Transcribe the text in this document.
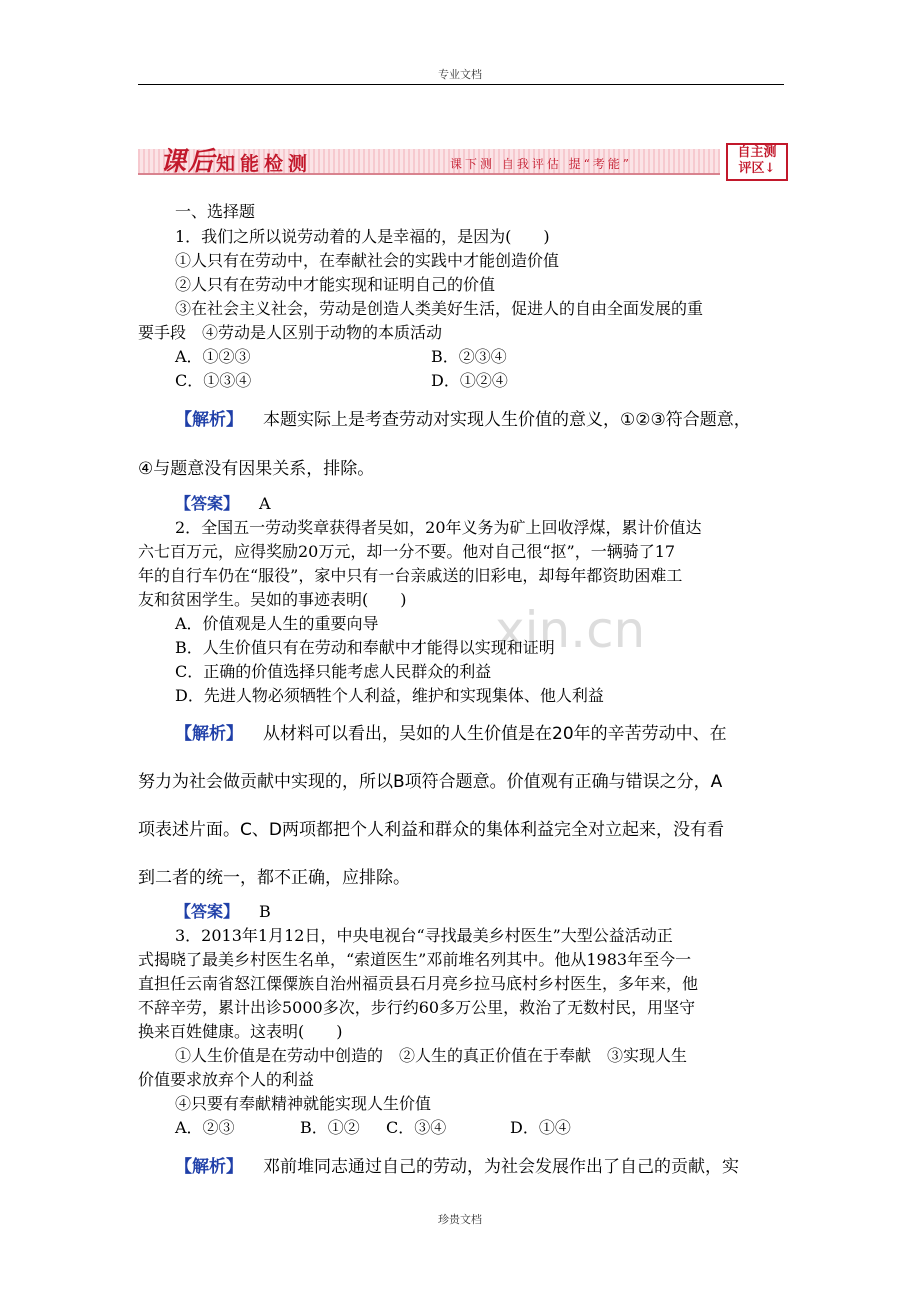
专业文档
课后知能检测	课下测 自我评估 提“考能”
自主测
评区↓
xin.cn
一、选择题
1．我们之所以说劳动着的人是幸福的，是因为(　　)
①人只有在劳动中，在奉献社会的实践中才能创造价值
②人只有在劳动中才能实现和证明自己的价值
③在社会主义社会，劳动是创造人类美好生活，促进人的自由全面发展的重
要手段　④劳动是人区别于动物的本质活动
A．①②③	B．②③④
C．①③④	D．①②④
【解析】 本题实际上是考查劳动对实现人生价值的意义，①②③符合题意，
④与题意没有因果关系，排除。
【答案】 A
2．全国五一劳动奖章获得者吴如，20年义务为矿上回收浮煤，累计价值达
六七百万元，应得奖励20万元，却一分不要。他对自己很“抠”，一辆骑了17
年的自行车仍在“服役”，家中只有一台亲戚送的旧彩电，却每年都资助困难工
友和贫困学生。吴如的事迹表明(　　)
A．价值观是人生的重要向导
B．人生价值只有在劳动和奉献中才能得以实现和证明
C．正确的价值选择只能考虑人民群众的利益
D．先进人物必须牺牲个人利益，维护和实现集体、他人利益
【解析】 从材料可以看出，吴如的人生价值是在20年的辛苦劳动中、在
努力为社会做贡献中实现的，所以B项符合题意。价值观有正确与错误之分，A
项表述片面。C、D两项都把个人利益和群众的集体利益完全对立起来，没有看
到二者的统一，都不正确，应排除。
【答案】 B
3．2013年1月12日，中央电视台“寻找最美乡村医生”大型公益活动正
式揭晓了最美乡村医生名单，“索道医生”邓前堆名列其中。他从1983年至今一
直担任云南省怒江傈僳族自治州福贡县石月亮乡拉马底村乡村医生，多年来，他
不辞辛劳，累计出诊5000多次，步行约60多万公里，救治了无数村民，用坚守
换来百姓健康。这表明(　　)
①人生价值是在劳动中创造的　②人生的真正价值在于奉献　③实现人生
价值要求放弃个人的利益
④只要有奉献精神就能实现人生价值
A．②③	B．①② C．③④	D．①④
【解析】 邓前堆同志通过自己的劳动，为社会发展作出了自己的贡献，实
珍贵文档
